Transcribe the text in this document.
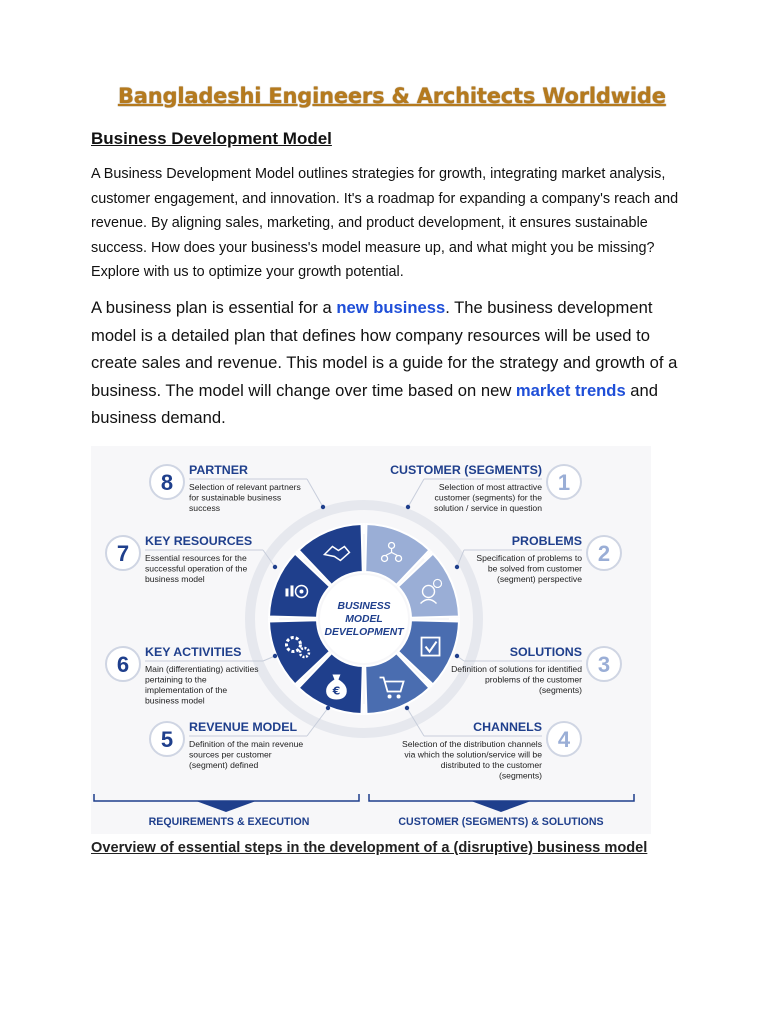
Bangladeshi Engineers & Architects Worldwide
Business Development Model
A Business Development Model outlines strategies for growth, integrating market analysis, customer engagement, and innovation. It's a roadmap for expanding a company's reach and revenue. By aligning sales, marketing, and product development, it ensures sustainable success. How does your business's model measure up, and what might you be missing? Explore with us to optimize your growth potential.
A business plan is essential for a new business. The business development model is a detailed plan that defines how company resources will be used to create sales and revenue. This model is a guide for the strategy and growth of a business. The model will change over time based on new market trends and business demand.
€
BUSINESS
MODEL
DEVELOPMENT
1
CUSTOMER (SEGMENTS)
Selection of most attractive
customer (segments) for the
solution / service in question
2
PROBLEMS
Specification of problems to
be solved from customer
(segment) perspective
3
SOLUTIONS
Definition of solutions for identified
problems of the customer
(segments)
4
CHANNELS
Selection of the distribution channels
via which the solution/service will be
distributed to the customer
(segments)
5 REVENUE MODEL
Definition of the main revenue
sources per customer
(segment) defined
6 KEY ACTIVITIES
Main (differentiating) activities
pertaining to the
implementation of the
business model
7 KEY RESOURCES
Essential resources for the
successful operation of the
business model
8 PARTNER
Selection of relevant partners
for sustainable business
success
REQUIREMENTS & EXECUTION	CUSTOMER (SEGMENTS) & SOLUTIONS
Overview of essential steps in the development of a (disruptive) business model
